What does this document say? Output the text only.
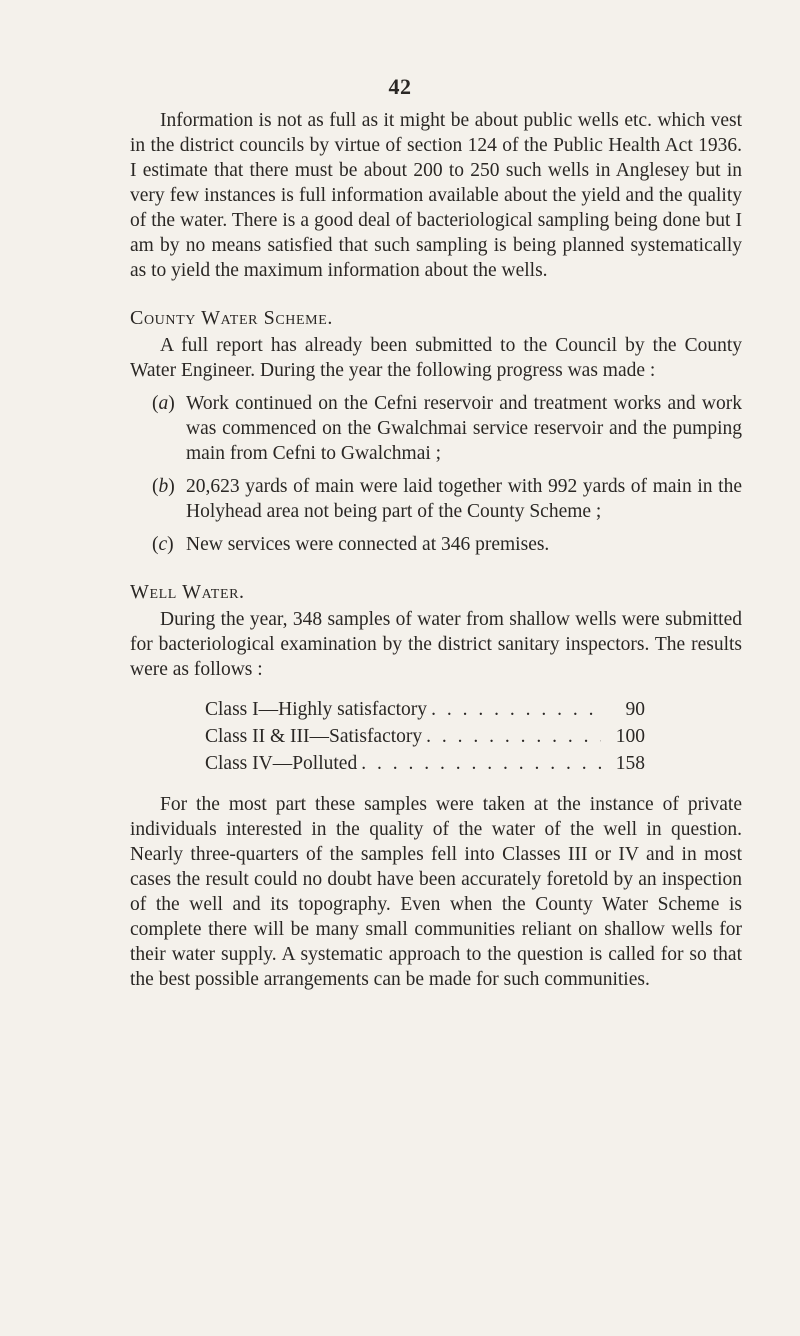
42

Information is not as full as it might be about public wells etc. which vest in the district councils by virtue of section 124 of the Public Health Act 1936. I estimate that there must be about 200 to 250 such wells in Anglesey but in very few instances is full information available about the yield and the quality of the water. There is a good deal of bacteriological sampling being done but I am by no means satisfied that such sampling is being planned systematically as to yield the maximum information about the wells.

County Water Scheme.

A full report has already been submitted to the Council by the County Water Engineer. During the year the following progress was made :

(a) Work continued on the Cefni reservoir and treatment works and work was commenced on the Gwalchmai service reservoir and the pumping main from Cefni to Gwalchmai ;
(b) 20,623 yards of main were laid together with 992 yards of main in the Holyhead area not being part of the County Scheme ;
(c) New services were connected at 346 premises.

Well Water.

During the year, 348 samples of water from shallow wells were submitted for bacteriological examination by the district sanitary inspectors. The results were as follows :

Class I—Highly satisfactory . . .	90
Class II & III—Satisfactory . . .	100
Class IV—Polluted . . .	158

For the most part these samples were taken at the instance of private individuals interested in the quality of the water of the well in question. Nearly three-quarters of the samples fell into Classes III or IV and in most cases the result could no doubt have been accurately foretold by an inspection of the well and its topography. Even when the County Water Scheme is complete there will be many small communities reliant on shallow wells for their water supply. A systematic approach to the question is called for so that the best possible arrangements can be made for such communities.
